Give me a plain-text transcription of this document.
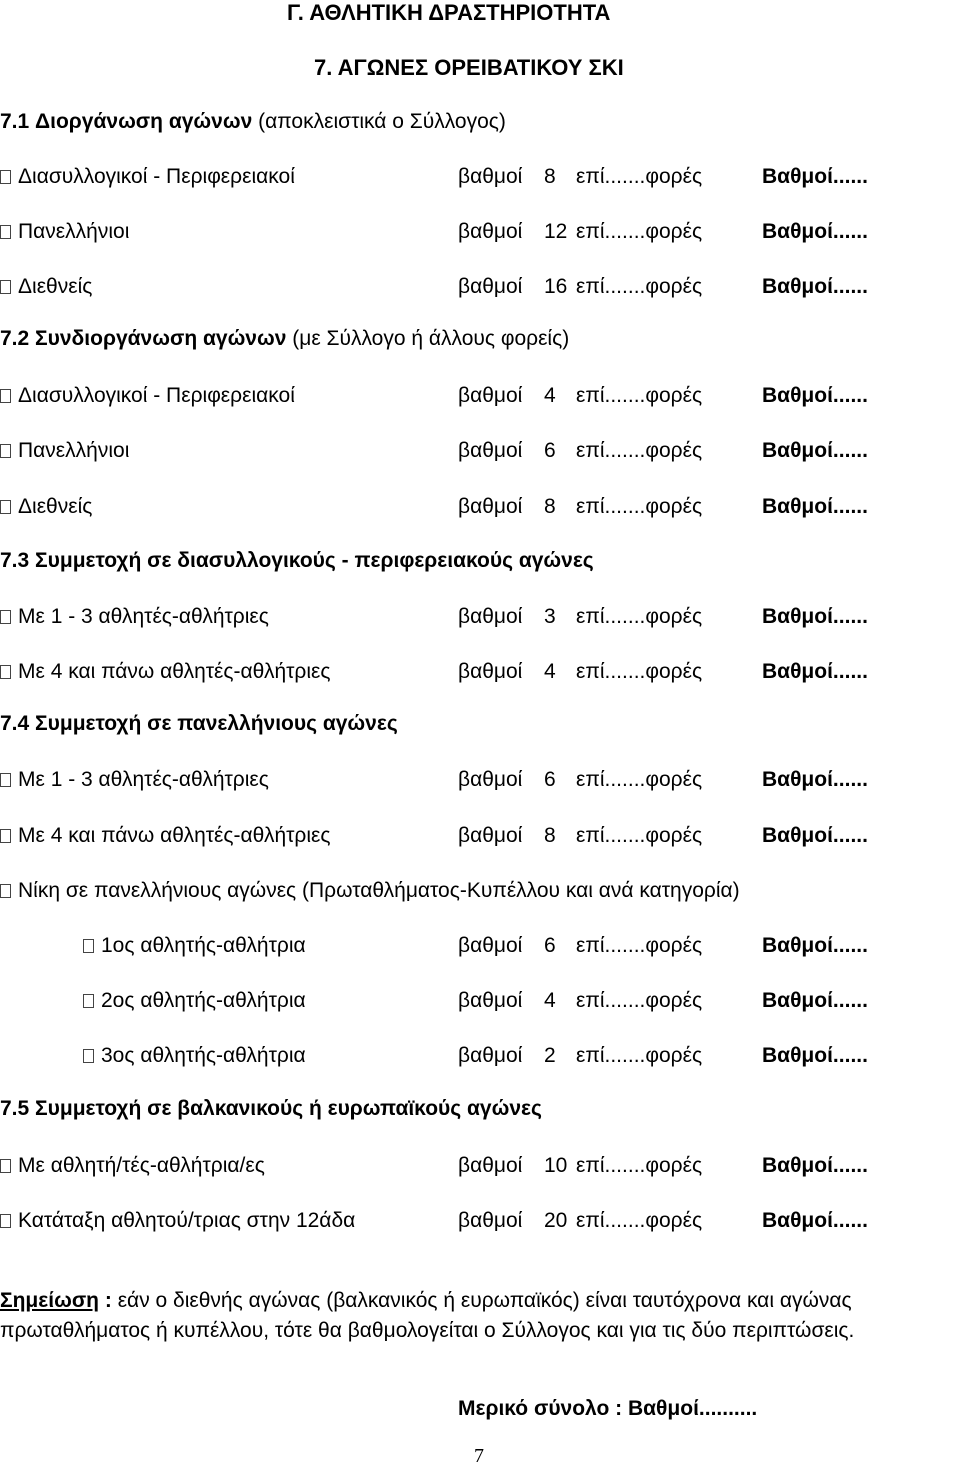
Γ. ΑΘΛΗΤΙΚΗ ΔΡΑΣΤΗΡΙΟΤΗΤΑ
7. ΑΓΩΝΕΣ ΟΡΕΙΒΑΤΙΚΟΥ ΣΚΙ
7.1 Διοργάνωση αγώνων (αποκλειστικά ο Σύλλογος)
7.2 Συνδιοργάνωση αγώνων (με Σύλλογο ή άλλους φορείς)
7.3 Συμμετοχή σε διασυλλογικούς - περιφερειακούς αγώνες
7.4 Συμμετοχή σε πανελλήνιους αγώνες
Νίκη σε πανελλήνιους αγώνες (Πρωταθλήματος-Κυπέλλου και ανά κατηγορία)
7.5 Συμμετοχή σε βαλκανικούς ή ευρωπαϊκούς αγώνες
Διασυλλογικοί - Περιφερειακοί	βαθμοί 8 επί.......φορές	Βαθμοί......
Πανελλήνιοι	βαθμοί 12 επί.......φορές	Βαθμοί......
Διεθνείς	βαθμοί 16 επί.......φορές	Βαθμοί......
Διασυλλογικοί - Περιφερειακοί	βαθμοί 4 επί.......φορές	Βαθμοί......
Πανελλήνιοι	βαθμοί 6 επί.......φορές	Βαθμοί......
Διεθνείς	βαθμοί 8 επί.......φορές	Βαθμοί......
Με 1 - 3 αθλητές-αθλήτριες	βαθμοί 3 επί.......φορές	Βαθμοί......
Με 4 και πάνω αθλητές-αθλήτριες	βαθμοί 4 επί.......φορές	Βαθμοί......
Με 1 - 3 αθλητές-αθλήτριες	βαθμοί 6 επί.......φορές	Βαθμοί......
Με 4 και πάνω αθλητές-αθλήτριες	βαθμοί 8 επί.......φορές	Βαθμοί......
1ος αθλητής-αθλήτρια	βαθμοί 6 επί.......φορές	Βαθμοί......
2ος αθλητής-αθλήτρια	βαθμοί 4 επί.......φορές	Βαθμοί......
3ος αθλητής-αθλήτρια	βαθμοί 2 επί.......φορές	Βαθμοί......
Με αθλητή/τές-αθλήτρια/ες	βαθμοί 10 επί.......φορές	Βαθμοί......
Κατάταξη αθλητού/τριας στην 12άδα	βαθμοί 20 επί.......φορές	Βαθμοί......
Σημείωση : εάν ο διεθνής αγώνας (βαλκανικός ή ευρωπαϊκός) είναι ταυτόχρονα και αγώνας
πρωταθλήματος ή κυπέλλου, τότε θα βαθμολογείται ο Σύλλογος και για τις δύο περιπτώσεις.
Μερικό σύνολο : Βαθμοί..........
7
